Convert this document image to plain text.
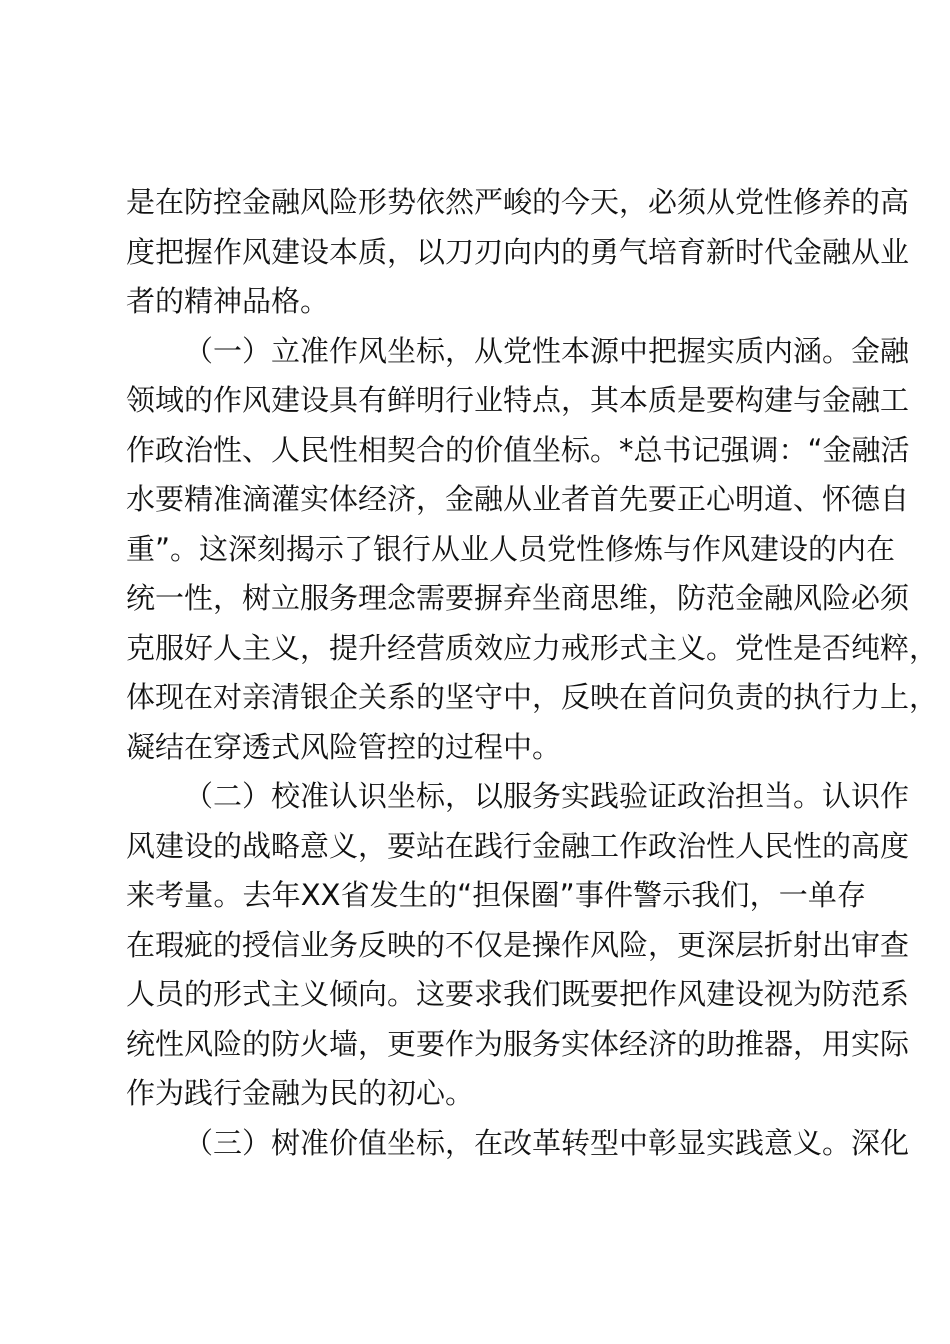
是在防控金融风险形势依然严峻的今天，必须从党性修养的高
度把握作风建设本质，以刀刃向内的勇气培育新时代金融从业
者的精神品格。
（一）立准作风坐标，从党性本源中把握实质内涵。金融
领域的作风建设具有鲜明行业特点，其本质是要构建与金融工
作政治性、人民性相契合的价值坐标。*总书记强调：“金融活
水要精准滴灌实体经济，金融从业者首先要正心明道、怀德自
重”。这深刻揭示了银行从业人员党性修炼与作风建设的内在
统一性，树立服务理念需要摒弃坐商思维，防范金融风险必须
克服好人主义，提升经营质效应力戒形式主义。党性是否纯粹，
体现在对亲清银企关系的坚守中，反映在首问负责的执行力上，
凝结在穿透式风险管控的过程中。
（二）校准认识坐标，以服务实践验证政治担当。认识作
风建设的战略意义，要站在践行金融工作政治性人民性的高度
来考量。去年XX省发生的“担保圈”事件警示我们，一单存
在瑕疵的授信业务反映的不仅是操作风险，更深层折射出审查
人员的形式主义倾向。这要求我们既要把作风建设视为防范系
统性风险的防火墙，更要作为服务实体经济的助推器，用实际
作为践行金融为民的初心。
（三）树准价值坐标，在改革转型中彰显实践意义。深化
